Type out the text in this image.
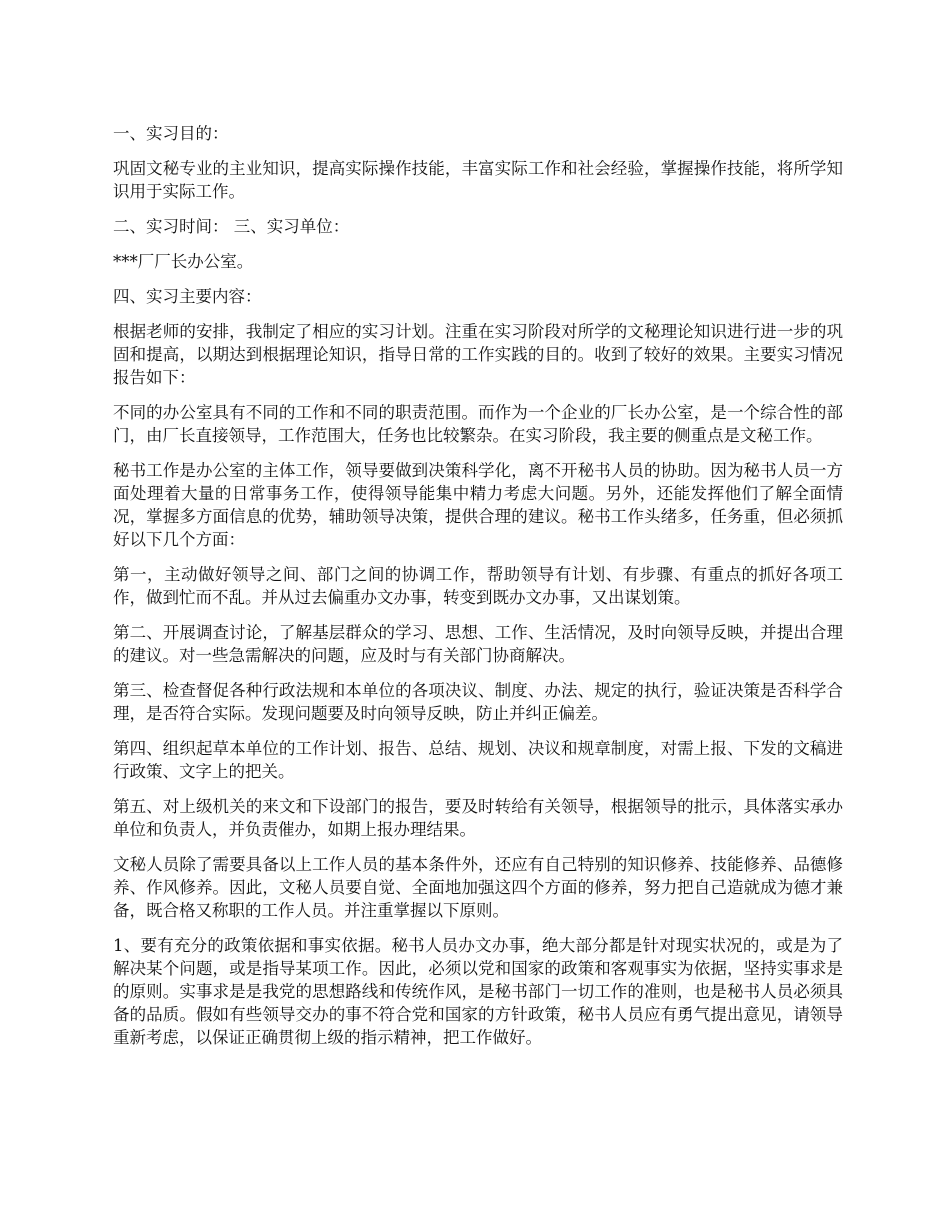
一、实习目的：

巩固文秘专业的主业知识，提高实际操作技能，丰富实际工作和社会经验，掌握操作技能，将所学知识用于实际工作。

二、实习时间： 三、实习单位：

***厂厂长办公室。

四、实习主要内容：

根据老师的安排，我制定了相应的实习计划。注重在实习阶段对所学的文秘理论知识进行进一步的巩固和提高，以期达到根据理论知识，指导日常的工作实践的目的。收到了较好的效果。主要实习情况报告如下：

不同的办公室具有不同的工作和不同的职责范围。而作为一个企业的厂长办公室，是一个综合性的部门，由厂长直接领导，工作范围大，任务也比较繁杂。在实习阶段，我主要的侧重点是文秘工作。

秘书工作是办公室的主体工作，领导要做到决策科学化，离不开秘书人员的协助。因为秘书人员一方面处理着大量的日常事务工作，使得领导能集中精力考虑大问题。另外，还能发挥他们了解全面情况，掌握多方面信息的优势，辅助领导决策，提供合理的建议。秘书工作头绪多，任务重，但必须抓好以下几个方面：

第一，主动做好领导之间、部门之间的协调工作，帮助领导有计划、有步骤、有重点的抓好各项工作，做到忙而不乱。并从过去偏重办文办事，转变到既办文办事，又出谋划策。

第二、开展调查讨论，了解基层群众的学习、思想、工作、生活情况，及时向领导反映，并提出合理的建议。对一些急需解决的问题，应及时与有关部门协商解决。

第三、检查督促各种行政法规和本单位的各项决议、制度、办法、规定的执行，验证决策是否科学合理，是否符合实际。发现问题要及时向领导反映，防止并纠正偏差。

第四、组织起草本单位的工作计划、报告、总结、规划、决议和规章制度，对需上报、下发的文稿进行政策、文字上的把关。

第五、对上级机关的来文和下设部门的报告，要及时转给有关领导，根据领导的批示，具体落实承办单位和负责人，并负责催办，如期上报办理结果。

文秘人员除了需要具备以上工作人员的基本条件外，还应有自己特别的知识修养、技能修养、品德修养、作风修养。因此，文秘人员要自觉、全面地加强这四个方面的修养，努力把自己造就成为德才兼备，既合格又称职的工作人员。并注重掌握以下原则。

1、要有充分的政策依据和事实依据。秘书人员办文办事，绝大部分都是针对现实状况的，或是为了解决某个问题，或是指导某项工作。因此，必须以党和国家的政策和客观事实为依据，坚持实事求是的原则。实事求是是我党的思想路线和传统作风，是秘书部门一切工作的准则，也是秘书人员必须具备的品质。假如有些领导交办的事不符合党和国家的方针政策，秘书人员应有勇气提出意见，请领导重新考虑，以保证正确贯彻上级的指示精神，把工作做好。
